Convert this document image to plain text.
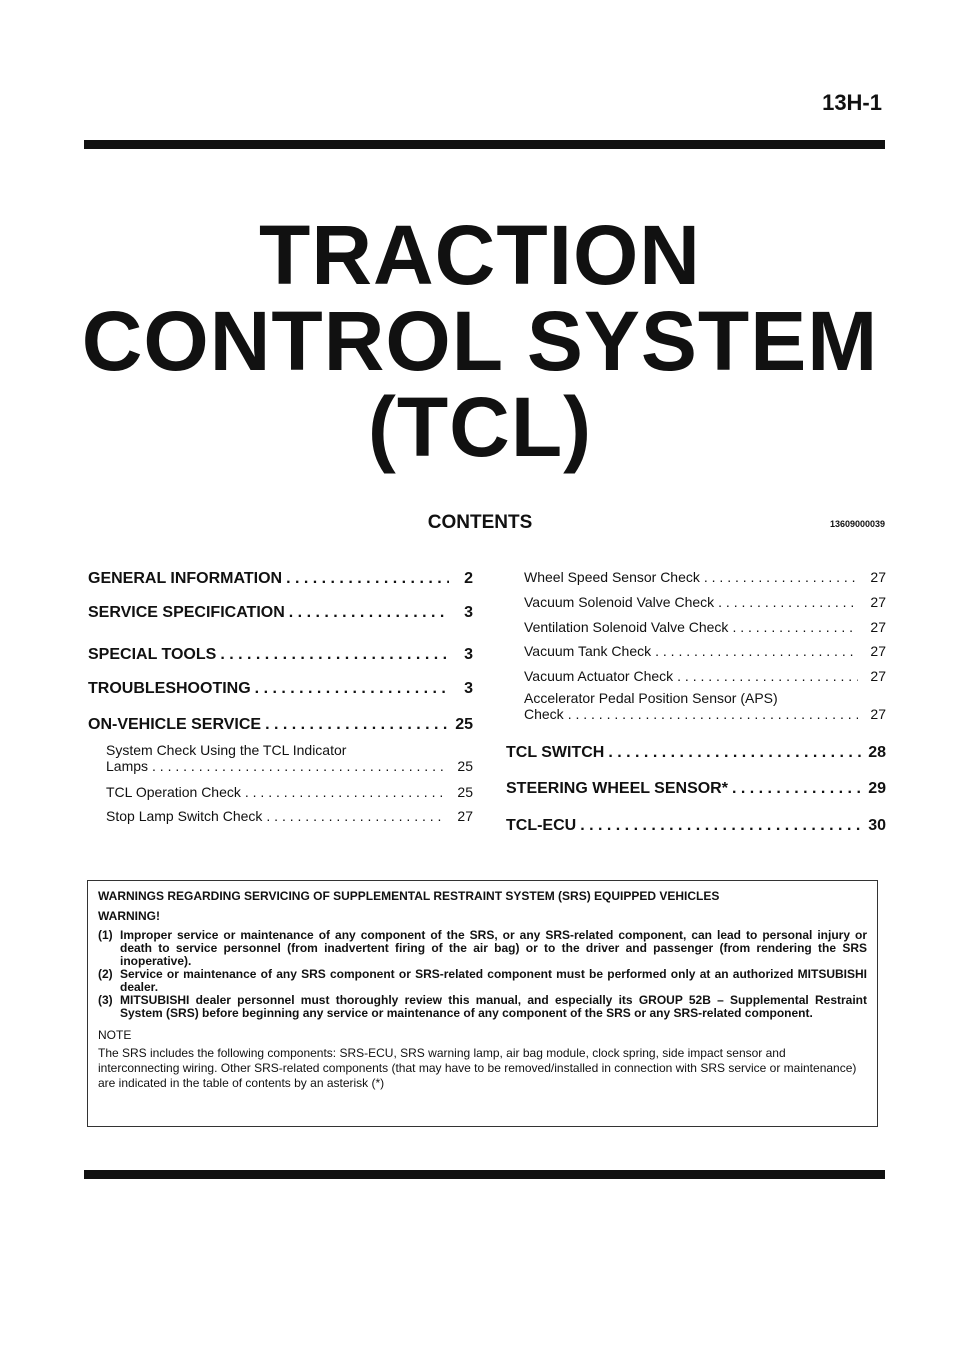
13H-1
TRACTION
CONTROL SYSTEM
(TCL)
CONTENTS	13609000039
GENERAL INFORMATION . . .	2
SERVICE SPECIFICATION . . .	3
SPECIAL TOOLS . . .	3
TROUBLESHOOTING . . .	3
ON-VEHICLE SERVICE . . .	25
System Check Using the TCL Indicator
Lamps . . .	25
TCL Operation Check . . .	25
Stop Lamp Switch Check . . .	27
Wheel Speed Sensor Check . . .	27
Vacuum Solenoid Valve Check . . .	27
Ventilation Solenoid Valve Check . . .	27
Vacuum Tank Check . . .	27
Vacuum Actuator Check . . .	27
Accelerator Pedal Position Sensor (APS)
Check . . .	27
TCL SWITCH . . .	28
STEERING WHEEL SENSOR* . . .	29
TCL-ECU . . .	30
WARNINGS REGARDING SERVICING OF SUPPLEMENTAL RESTRAINT SYSTEM (SRS) EQUIPPED VEHICLES
WARNING!
(1) Improper service or maintenance of any component of the SRS, or any SRS-related component, can lead to personal injury or death to service personnel (from inadvertent firing of the air bag) or to the driver and passenger (from rendering the SRS inoperative).
(2) Service or maintenance of any SRS component or SRS-related component must be performed only at an authorized MITSUBISHI dealer.
(3) MITSUBISHI dealer personnel must thoroughly review this manual, and especially its GROUP 52B – Supplemental Restraint System (SRS) before beginning any service or maintenance of any component of the SRS or any SRS-related component.
NOTE
The SRS includes the following components: SRS-ECU, SRS warning lamp, air bag module, clock spring, side impact sensor and interconnecting wiring. Other SRS-related components (that may have to be removed/installed in connection with SRS service or maintenance) are indicated in the table of contents by an asterisk (*)
